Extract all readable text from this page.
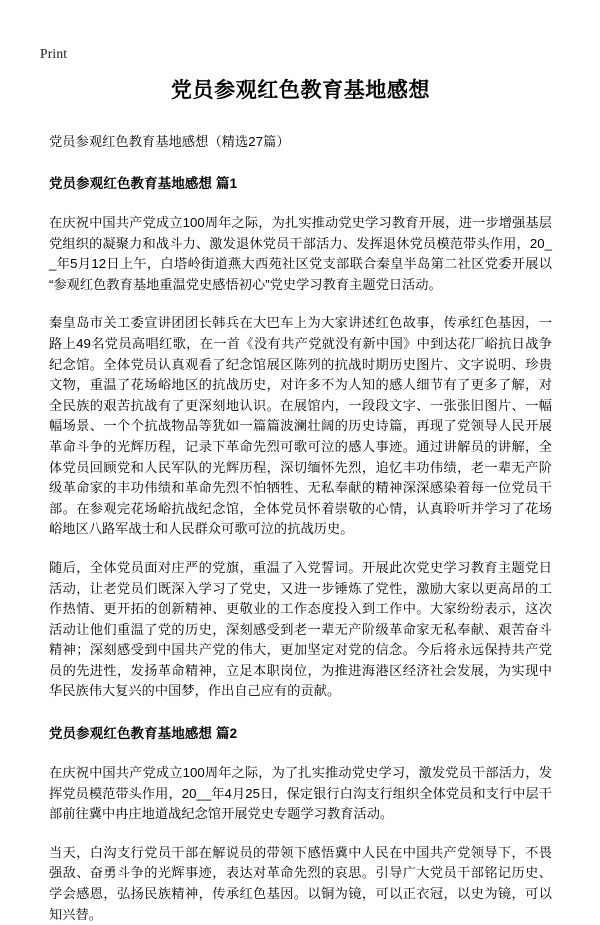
Print
党员参观红色教育基地感想
党员参观红色教育基地感想（精选27篇）
党员参观红色教育基地感想 篇1

在庆祝中国共产党成立100周年之际，为扎实推动党史学习教育开展，进一步增强基层党组织的凝聚力和战斗力、激发退休党员干部活力、发挥退休党员模范带头作用，20__年5月12日上午，白塔岭街道燕大西苑社区党支部联合秦皇半岛第二社区党委开展以“参观红色教育基地重温党史感悟初心”党史学习教育主题党日活动。

秦皇岛市关工委宣讲团团长韩兵在大巴车上为大家讲述红色故事，传承红色基因，一路上49名党员高唱红歌，在一首《没有共产党就没有新中国》中到达花厂峪抗日战争纪念馆。全体党员认真观看了纪念馆展区陈列的抗战时期历史图片、文字说明、珍贵文物，重温了花场峪地区的抗战历史，对许多不为人知的感人细节有了更多了解，对全民族的艰苦抗战有了更深刻地认识。在展馆内，一段段文字、一张张旧图片、一幅幅场景、一个个抗战物品等犹如一篇篇波澜壮阔的历史诗篇，再现了党领导人民开展革命斗争的光辉历程，记录下革命先烈可歌可泣的感人事迹。通过讲解员的讲解，全体党员回顾党和人民军队的光辉历程，深切缅怀先烈，追忆丰功伟绩，老一辈无产阶级革命家的丰功伟绩和革命先烈不怕牺牲、无私奉献的精神深深感染着每一位党员干部。在参观完花场峪抗战纪念馆，全体党员怀着崇敬的心情，认真聆听并学习了花场峪地区八路军战士和人民群众可歌可泣的抗战历史。

随后，全体党员面对庄严的党旗，重温了入党誓词。开展此次党史学习教育主题党日活动，让老党员们既深入学习了党史，又进一步锤炼了党性，激励大家以更高昂的工作热情、更开拓的创新精神、更敬业的工作态度投入到工作中。大家纷纷表示，这次活动让他们重温了党的历史，深刻感受到老一辈无产阶级革命家无私奉献、艰苦奋斗精神；深刻感受到中国共产党的伟大，更加坚定对党的信念。今后将永远保持共产党员的先进性，发扬革命精神，立足本职岗位，为推进海港区经济社会发展，为实现中华民族伟大复兴的中国梦，作出自己应有的贡献。

党员参观红色教育基地感想 篇2

在庆祝中国共产党成立100周年之际，为了扎实推动党史学习，激发党员干部活力，发挥党员模范带头作用，20__年4月25日，保定银行白沟支行组织全体党员和支行中层干部前往冀中冉庄地道战纪念馆开展党史专题学习教育活动。

当天，白沟支行党员干部在解说员的带领下感悟冀中人民在中国共产党领导下，不畏强敌、奋勇斗争的光辉事迹，表达对革命先烈的哀思。引导广大党员干部铭记历史、学会感恩，弘扬民族精神，传承红色基因。以铜为镜，可以正衣冠，以史为镜，可以知兴替。
